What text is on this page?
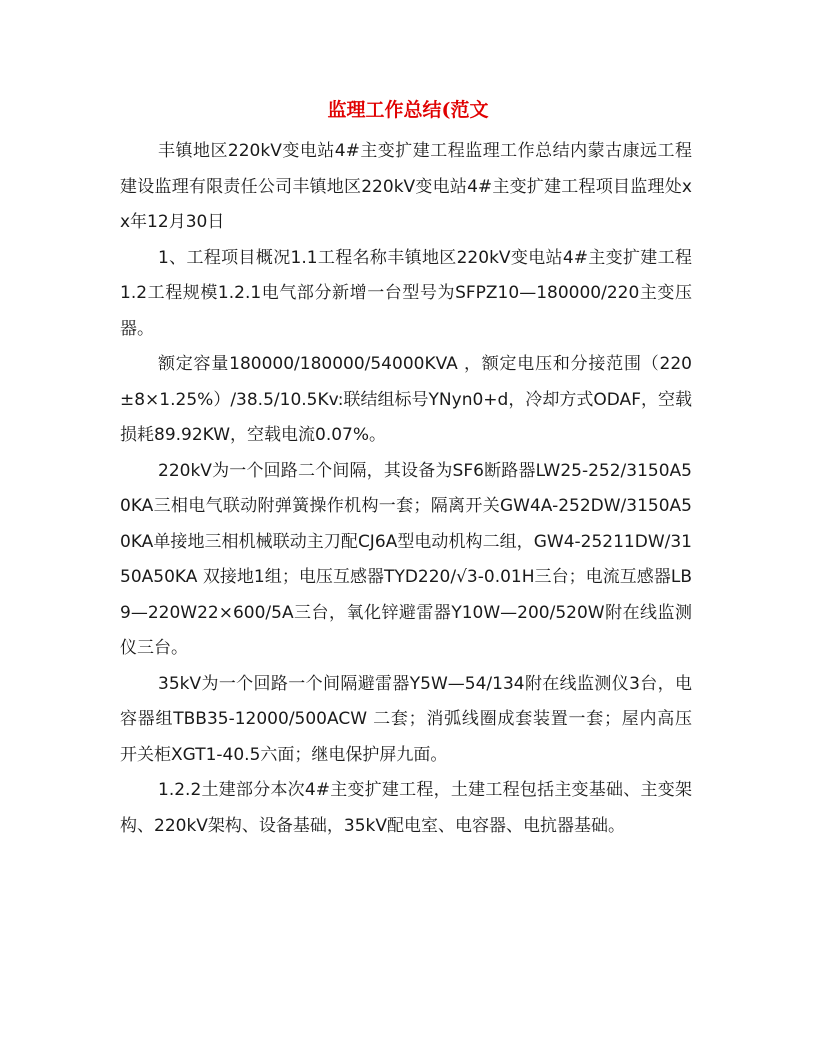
监理工作总结(范文

丰镇地区220kV变电站4#主变扩建工程监理工作总结内蒙古康远工程建设监理有限责任公司丰镇地区220kV变电站4#主变扩建工程项目监理处xx年12月30日

1、工程项目概况1.1工程名称丰镇地区220kV变电站4#主变扩建工程1.2工程规模1.2.1电气部分新增一台型号为SFPZ10—180000/220主变压器。

额定容量180000/180000/54000KVA ，额定电压和分接范围（220±8×1.25%）/38.5/10.5Kv:联结组标号YNyn0+d，冷却方式ODAF，空载损耗89.92KW，空载电流0.07%。

220kV为一个回路二个间隔，其设备为SF6断路器LW25-252/3150A50KA三相电气联动附弹簧操作机构一套；隔离开关GW4A-252DW/3150A50KA单接地三相机械联动主刀配CJ6A型电动机构二组，GW4-25211DW/3150A50KA 双接地1组；电压互感器TYD220/√3-0.01H三台；电流互感器LB9—220W22×600/5A三台，氧化锌避雷器Y10W—200/520W附在线监测仪三台。

35kV为一个回路一个间隔避雷器Y5W—54/134附在线监测仪3台，电容器组TBB35-12000/500ACW 二套；消弧线圈成套装置一套；屋内高压开关柜XGT1-40.5六面；继电保护屏九面。

1.2.2土建部分本次4#主变扩建工程，土建工程包括主变基础、主变架构、220kV架构、设备基础，35kV配电室、电容器、电抗器基础。
